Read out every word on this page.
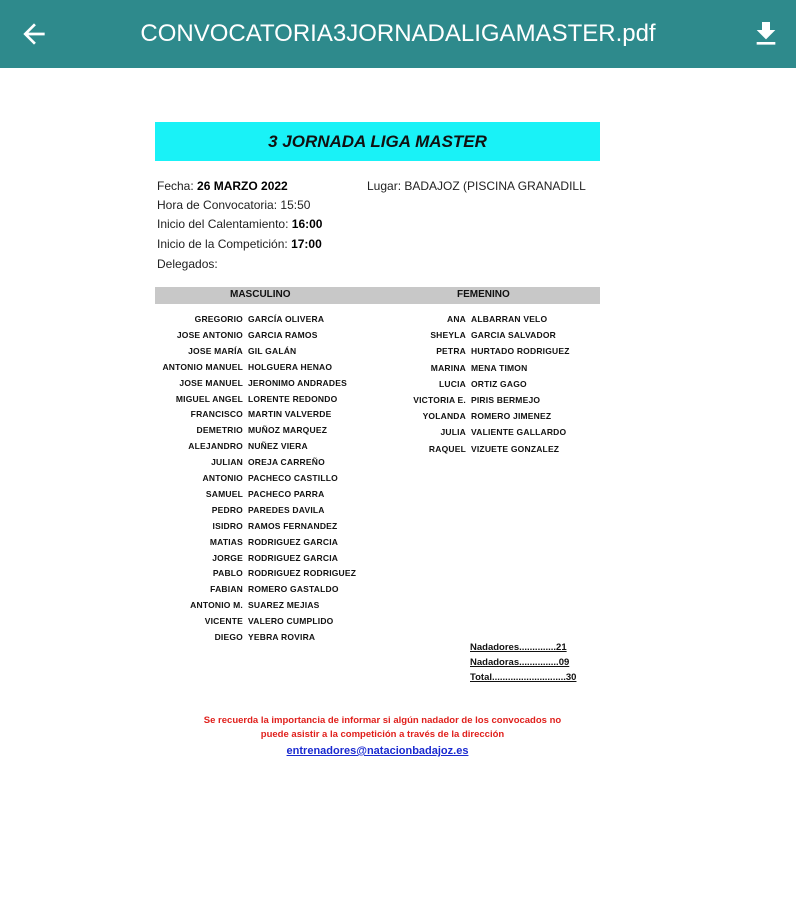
CONVOCATORIA3JORNADALIGAMASTER.pdf
3 JORNADA LIGA MASTER
Fecha: 26 MARZO 2022	Lugar: BADAJOZ (PISCINA GRANADILL
Hora de Convocatoria: 15:50
Inicio del Calentamiento: 16:00
Inicio de la Competición: 17:00
Delegados:
MASCULINO	FEMENINO
GREGORIO GARCÍA OLIVERA
JOSE ANTONIO GARCIA RAMOS
JOSE MARÍA GIL GALÁN
ANTONIO MANUEL HOLGUERA HENAO
JOSE MANUEL JERONIMO ANDRADES
MIGUEL ANGEL LORENTE REDONDO
FRANCISCO MARTIN VALVERDE
DEMETRIO MUÑOZ MARQUEZ
ALEJANDRO NUÑEZ VIERA
JULIAN OREJA CARREÑO
ANTONIO PACHECO CASTILLO
SAMUEL PACHECO PARRA
PEDRO PAREDES DAVILA
ISIDRO RAMOS FERNANDEZ
MATIAS RODRIGUEZ GARCIA
JORGE RODRIGUEZ GARCIA
PABLO RODRIGUEZ RODRIGUEZ
FABIAN ROMERO GASTALDO
ANTONIO M. SUAREZ MEJIAS
VICENTE VALERO CUMPLIDO
DIEGO YEBRA ROVIRA
ANA ALBARRAN VELO
SHEYLA GARCIA SALVADOR
PETRA HURTADO RODRIGUEZ
MARINA MENA TIMON
LUCIA ORTIZ GAGO
VICTORIA E. PIRIS BERMEJO
YOLANDA ROMERO JIMENEZ
JULIA VALIENTE GALLARDO
RAQUEL VIZUETE GONZALEZ
Nadadores..............21
Nadadoras...............09
Total............................30
Se recuerda la importancia de informar si algún nadador de los convocados no
puede asistir a la competición a través de la dirección
entrenadores@natacionbadajoz.es
